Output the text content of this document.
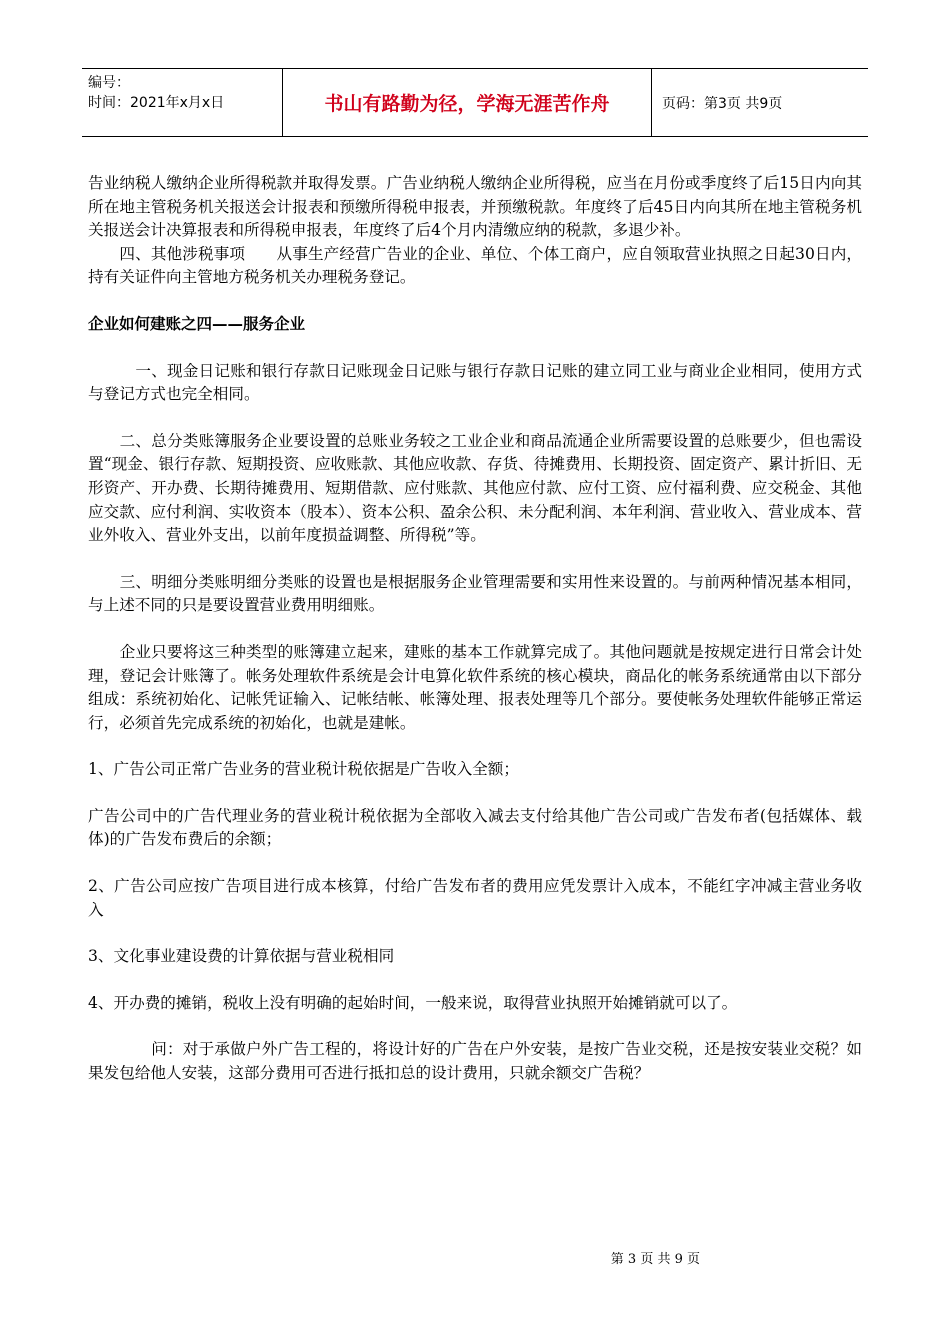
编号：
时间：2021年x月x日	书山有路勤为径，学海无涯苦作舟	页码：第3页 共9页

告业纳税人缴纳企业所得税款并取得发票。广告业纳税人缴纳企业所得税，应当在月份或季度终了后15日内向其所在地主管税务机关报送会计报表和预缴所得税申报表，并预缴税款。年度终了后45日内向其所在地主管税务机关报送会计决算报表和所得税申报表，年度终了后4个月内清缴应纳的税款，多退少补。

　　四、其他涉税事项　　从事生产经营广告业的企业、单位、个体工商户，应自领取营业执照之日起30日内，持有关证件向主管地方税务机关办理税务登记。

企业如何建账之四——服务企业

　　　一、现金日记账和银行存款日记账现金日记账与银行存款日记账的建立同工业与商业企业相同，使用方式与登记方式也完全相同。

　　二、总分类账簿服务企业要设置的总账业务较之工业企业和商品流通企业所需要设置的总账要少，但也需设置“现金、银行存款、短期投资、应收账款、其他应收款、存货、待摊费用、长期投资、固定资产、累计折旧、无形资产、开办费、长期待摊费用、短期借款、应付账款、其他应付款、应付工资、应付福利费、应交税金、其他应交款、应付利润、实收资本（股本）、资本公积、盈余公积、未分配利润、本年利润、营业收入、营业成本、营业外收入、营业外支出，以前年度损益调整、所得税”等。

　　三、明细分类账明细分类账的设置也是根据服务企业管理需要和实用性来设置的。与前两种情况基本相同，与上述不同的只是要设置营业费用明细账。

　　企业只要将这三种类型的账簿建立起来，建账的基本工作就算完成了。其他问题就是按规定进行日常会计处理，登记会计账簿了。帐务处理软件系统是会计电算化软件系统的核心模块，商品化的帐务系统通常由以下部分组成：系统初始化、记帐凭证输入、记帐结帐、帐簿处理、报表处理等几个部分。要使帐务处理软件能够正常运行，必须首先完成系统的初始化，也就是建帐。

1、广告公司正常广告业务的营业税计税依据是广告收入全额；

广告公司中的广告代理业务的营业税计税依据为全部收入减去支付给其他广告公司或广告发布者(包括媒体、载体)的广告发布费后的余额；

2、广告公司应按广告项目进行成本核算，付给广告发布者的费用应凭发票计入成本，不能红字冲减主营业务收入

3、文化事业建设费的计算依据与营业税相同

4、开办费的摊销，税收上没有明确的起始时间，一般来说，取得营业执照开始摊销就可以了。

　　　　问：对于承做户外广告工程的，将设计好的广告在户外安装，是按广告业交税，还是按安装业交税？如果发包给他人安装，这部分费用可否进行抵扣总的设计费用，只就余额交广告税？

第 3 页 共 9 页
